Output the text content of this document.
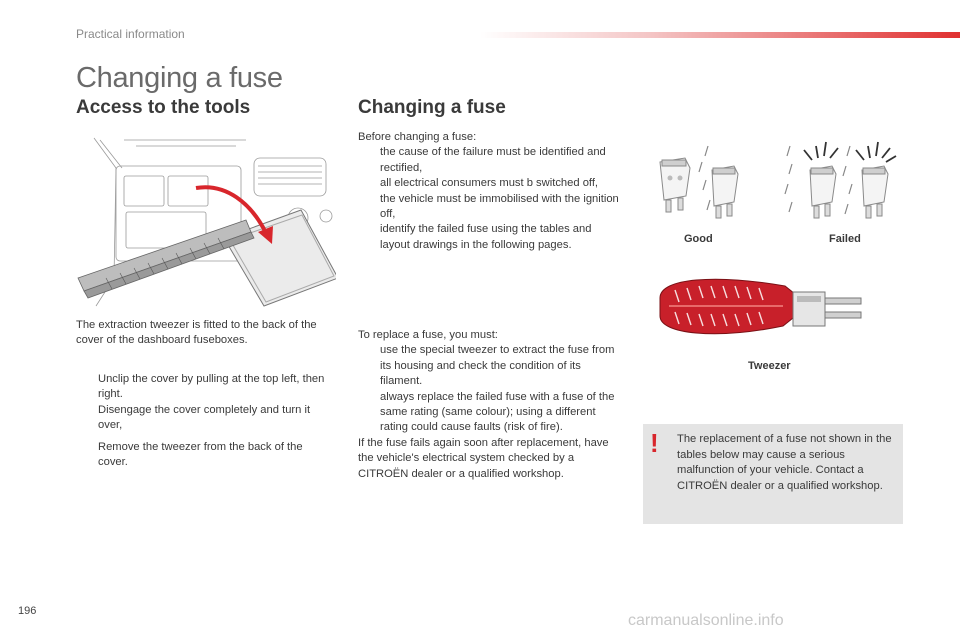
Practical information
Changing a fuse
Access to the tools
The extraction tweezer is fitted to the back of the cover of the dashboard fuseboxes.
Unclip the cover by pulling at the top left, then right.
Disengage the cover completely and turn it over,
Remove the tweezer from the back of the cover.
Changing a fuse
Before changing a fuse:
the cause of the failure must be identified and rectified,
all electrical consumers must b switched off,
the vehicle must be immobilised with the ignition off,
identify the failed fuse using the tables and layout drawings in the following pages.
To replace a fuse, you must:
use the special tweezer to extract the fuse from its housing and check the condition of its filament.
always replace the failed fuse with a fuse of the same rating (same colour); using a different rating could cause faults (risk of fire).
If the fuse fails again soon after replacement, have the vehicle's electrical system checked by a CITROËN dealer or a qualified workshop.
Good	Failed
Tweezer
! The replacement of a fuse not shown in the tables below may cause a serious malfunction of your vehicle. Contact a CITROËN dealer or a qualified workshop.
196
carmanualsonline.info
